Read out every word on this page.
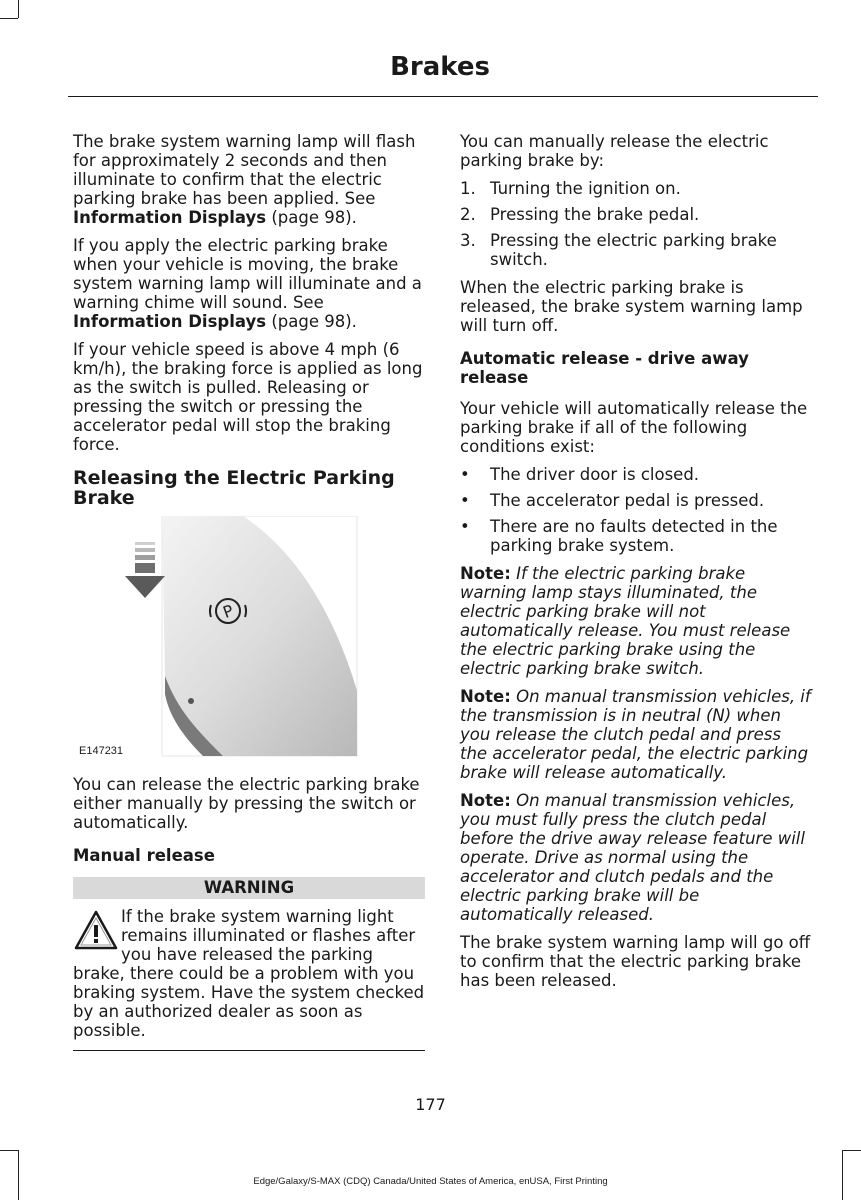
Brakes

The brake system warning lamp will flash for approximately 2 seconds and then illuminate to confirm that the electric parking brake has been applied. See Information Displays (page 98).

If you apply the electric parking brake when your vehicle is moving, the brake system warning lamp will illuminate and a warning chime will sound. See Information Displays (page 98).

If your vehicle speed is above 4 mph (6 km/h), the braking force is applied as long as the switch is pulled. Releasing or pressing the switch or pressing the accelerator pedal will stop the braking force.

Releasing the Electric Parking Brake
P
E147231

You can release the electric parking brake either manually by pressing the switch or automatically.

Manual release
WARNING
If the brake system warning light remains illuminated or flashes after you have released the parking brake, there could be a problem with you braking system. Have the system checked by an authorized dealer as soon as possible.

You can manually release the electric parking brake by:

1. Turning the ignition on.
2. Pressing the brake pedal.
3. Pressing the electric parking brake switch.

When the electric parking brake is released, the brake system warning lamp will turn off.

Automatic release - drive away release

Your vehicle will automatically release the parking brake if all of the following conditions exist:

•	The driver door is closed.
•	The accelerator pedal is pressed.
•	There are no faults detected in the parking brake system.

Note: If the electric parking brake warning lamp stays illuminated, the electric parking brake will not automatically release. You must release the electric parking brake using the electric parking brake switch.

Note: On manual transmission vehicles, if the transmission is in neutral (N) when you release the clutch pedal and press the accelerator pedal, the electric parking brake will release automatically.

Note: On manual transmission vehicles, you must fully press the clutch pedal before the drive away release feature will operate. Drive as normal using the accelerator and clutch pedals and the electric parking brake will be automatically released.

The brake system warning lamp will go off to confirm that the electric parking brake has been released.

177
Edge/Galaxy/S-MAX (CDQ) Canada/United States of America, enUSA, First Printing
